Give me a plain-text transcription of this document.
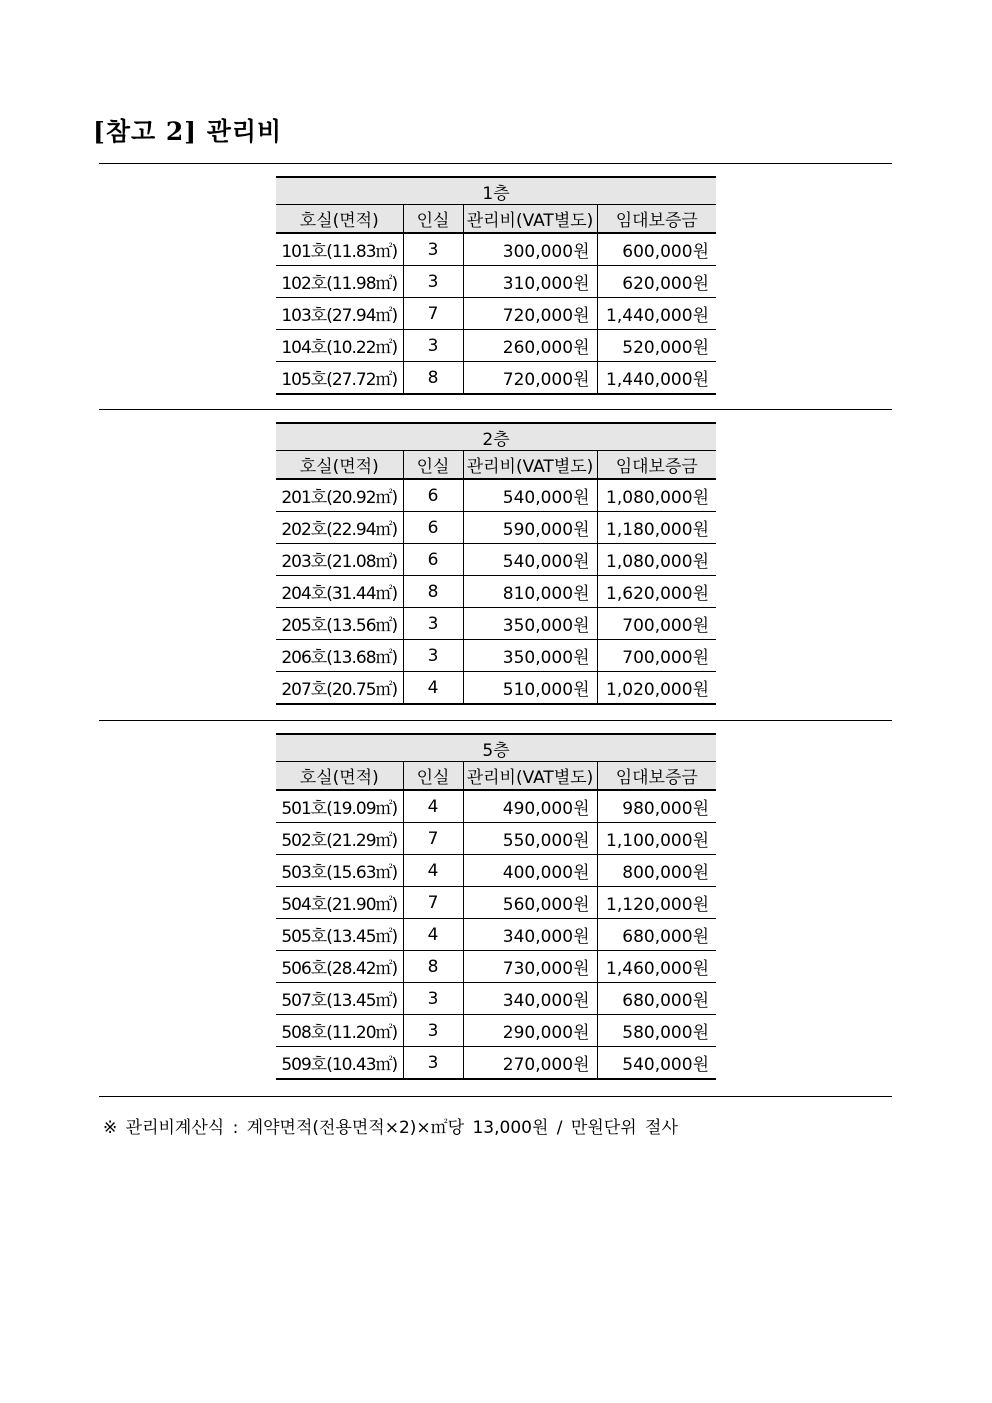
[참고 2] 관리비
1층			
호실(면적)	인실	관리비(VAT별도)	임대보증금
101호(11.83㎡)	3	300,000원	600,000원
102호(11.98㎡)	3	310,000원	620,000원
103호(27.94㎡)	7	720,000원	1,440,000원
104호(10.22㎡)	3	260,000원	520,000원
105호(27.72㎡)	8	720,000원	1,440,000원
2층			
호실(면적)	인실	관리비(VAT별도)	임대보증금
201호(20.92㎡)	6	540,000원	1,080,000원
202호(22.94㎡)	6	590,000원	1,180,000원
203호(21.08㎡)	6	540,000원	1,080,000원
204호(31.44㎡)	8	810,000원	1,620,000원
205호(13.56㎡)	3	350,000원	700,000원
206호(13.68㎡)	3	350,000원	700,000원
207호(20.75㎡)	4	510,000원	1,020,000원
5층			
호실(면적)	인실	관리비(VAT별도)	임대보증금
501호(19.09㎡)	4	490,000원	980,000원
502호(21.29㎡)	7	550,000원	1,100,000원
503호(15.63㎡)	4	400,000원	800,000원
504호(21.90㎡)	7	560,000원	1,120,000원
505호(13.45㎡)	4	340,000원	680,000원
506호(28.42㎡)	8	730,000원	1,460,000원
507호(13.45㎡)	3	340,000원	680,000원
508호(11.20㎡)	3	290,000원	580,000원
509호(10.43㎡)	3	270,000원	540,000원
※ 관리비계산식 : 계약면적(전용면적×2)×㎡당 13,000원 / 만원단위 절사
